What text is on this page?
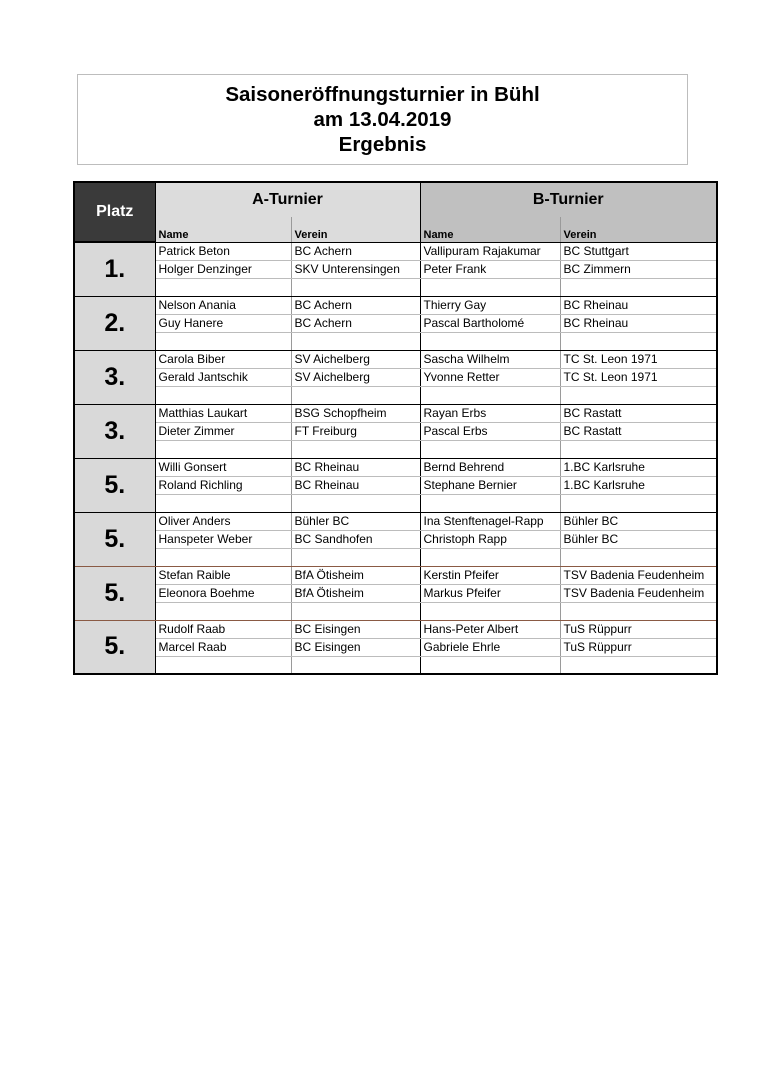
Saisoneröffnungsturnier in Bühl
am 13.04.2019
Ergebnis
Platz	A-Turnier		B-Turnier	
	Name	Verein	Name	Verein
1.	Patrick Beton	BC Achern	Vallipuram Rajakumar	BC Stuttgart
	Holger Denzinger	SKV Unterensingen	Peter Frank	BC Zimmern

2.	Nelson Anania	BC Achern	Thierry Gay	BC Rheinau
	Guy Hanere	BC Achern	Pascal Bartholomé	BC Rheinau

3.	Carola Biber	SV Aichelberg	Sascha Wilhelm	TC St. Leon 1971
	Gerald Jantschik	SV Aichelberg	Yvonne Retter	TC St. Leon 1971

3.	Matthias Laukart	BSG Schopfheim	Rayan Erbs	BC Rastatt
	Dieter Zimmer	FT Freiburg	Pascal Erbs	BC Rastatt

5.	Willi Gonsert	BC Rheinau	Bernd Behrend	1.BC Karlsruhe
	Roland Richling	BC Rheinau	Stephane Bernier	1.BC Karlsruhe

5.	Oliver Anders	Bühler BC	Ina Stenftenagel-Rapp	Bühler BC
	Hanspeter Weber	BC Sandhofen	Christoph Rapp	Bühler BC

5.	Stefan Raible	BfA Ötisheim	Kerstin Pfeifer	TSV Badenia Feudenheim
	Eleonora Boehme	BfA Ötisheim	Markus Pfeifer	TSV Badenia Feudenheim

5.	Rudolf Raab	BC Eisingen	Hans-Peter Albert	TuS Rüppurr
	Marcel Raab	BC Eisingen	Gabriele Ehrle	TuS Rüppurr
